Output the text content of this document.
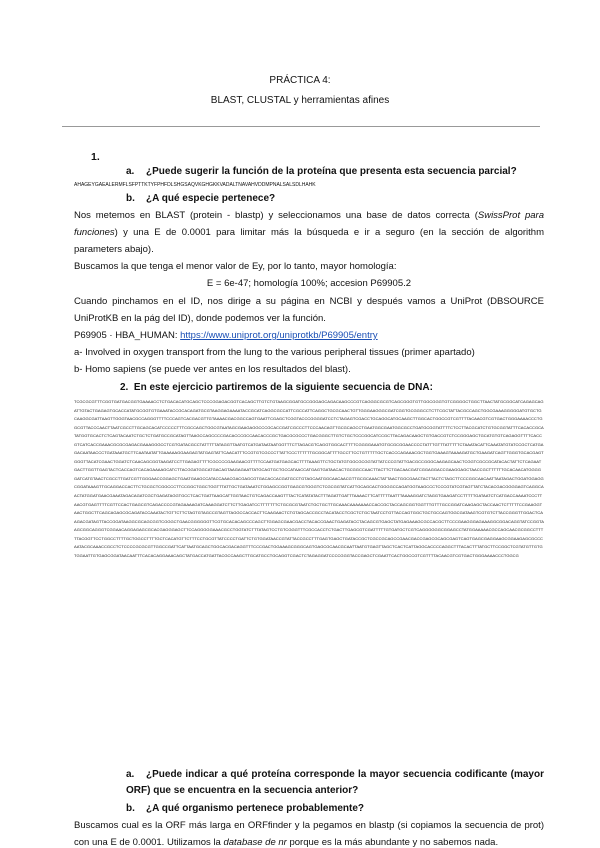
PRÁCTICA 4:
BLAST, CLUSTAL y herramientas afines
1.
a. ¿Puede sugerir la función de la proteína que presenta esta secuencia parcial?
AHAGEYGAEALERMFLSFPTTKTYFPHFDLSHGSAQVKGHGKKVADALTNAVAHVDDMPNALSALSDLHAHK
b. ¿A qué especie pertenece?
Nos metemos en BLAST (protein - blastp) y seleccionamos una base de datos correcta (SwissProt para funciones) y una E de 0.0001 para limitar más la búsqueda e ir a seguro (en la sección de algorithm parameters abajo).
Buscamos la que tenga el menor valor de Ey, por lo tanto, mayor homología:
E = 6e-47; homología 100%; accesion P69905.2
Cuando pinchamos en el ID, nos dirige a su página en NCBI y después vamos a UniProt (DBSOURCE UniProtKB en la pág del ID), donde podemos ver la función.
P69905 · HBA_HUMAN: https://www.uniprot.org/uniprotkb/P69905/entry
a- Involved in oxygen transport from the lung to the various peripheral tissues (primer apartado)
b- Homo sapiens (se puede ver antes en los resultados del blast).
2. En este ejercicio partiremos de la siguiente secuencia de DNA:
TCGCGCGTTTCGGTGATGACGGTGAAAACCTCTGACACATGCAGCTCCCGGAGACGGTCACAGCTTGTCTGTAAGCGGATGCCGGGAGCAGACAAGCCCGTCAGGGCGCGTCAGCGGGTGTTGGCGGGTGTCGGGGCTGGCTTAACTATGCGGCATCAGAGCAGATTGTACTGAGAGTGCACCATATGCGGTGTGAAATACCGCACAGATGCGTAAGGAGAAAATACCGCATCAGGCGCCATTCGCCATTCAGGCTGCGCAACTGTTGGGAAGGGCGATCGGTGCGGGCCTCTTCGCTATTACGCCAGCTGGCGAAAGGGGGATGTGCTGCAAGGCGATTAAGTTGGGTAACGCCAGGGTTTTCCCAGTCACGACGTTGTAAAACGACGGCCAGTGAATTCGAGCTCGGTACCCGGGGATCCTCTAGAGTCGACCTGCAGGCATGCAAGCTTGGCACTGGCCGTCGTTTTACAACGTCGTGACTGGGAAAACCCTGGCGTTACCCAACTTAATCGCCTTGCAGCACATCCCCCTTTCGCCAGCTGGCGTAATAGCGAAGAGGCCCGCACCGATCGCCCTTCCCAACAGTTGCGCAGCCTGAATGGCGAATGGCGCCTGATGCGGTATTTTCTCCTTACGCATCTGTGCGGTATTTCACACCGCATATGGTGCACTCTCAGTACAATCTGCTCTGATGCCGCATAGTTAAGCCAGCCCCGACACCCGCCAACACCCGCTGACGCGCCCTGACGGGCTTGTCTGCTCCCGGCATCCGCTTACAGACAAGCTGTGACCGTCTCCGGGAGCTGCATGTGTCAGAGGTTTTCACCGTCATCACCGAAACGCGCGAGACGAAAGGGCCTCGTGATACGCCTATTTTTATAGGTTAATGTCATGATAATAATGGTTTCTTAGACGTCAGGTGGCACTTTTCGGGGAAATGTGCGCGGAACCCCTATTTGTTTATTTTTCTAAATACATTCAAATATGTATCCGCTCATGAGACAATAACCCTGATAAATGCTTCAATAATATTGAAAAAGGAAGAGTATGAGTATTCAACATTTCCGTGTCGCCCTTATTCCCTTTTTTGCGGCATTTTGCCTTCCTGTTTTTGCTCACCCAGAAACGCTGGTGAAAGTAAAAGATGCTGAAGATCAGTTGGGTGCACGAGTGGGTTACATCGAACTGGATCTCAACAGCGGTAAGATCCTTGAGAGTTTTCGCCCCGAAGAACGTTTTCCAATGATGAGCACTTTTAAAGTTCTGCTATGTGGCGCGGTATTATCCCGTATTGACGCCGGGCAAGAGCAACTCGGTCGCCGCATACACTATTCTCAGAATGACTTGGTTGAGTACTCACCAGTCACAGAAAAGCATCTTACGGATGGCATGACAGTAAGAGAATTATGCAGTGCTGCCATAACCATGAGTGATAACACTGCGGCCAACTTACTTCTGACAACGATCGGAGGACCGAAGGAGCTAACCGCTTTTTTGCACAACATGGGGGATCATGTAACTCGCCTTGATCGTTGGGAACCGGAGCTGAATGAAGCCATACCAAACGACGAGCGTGACACCACGATGCCTGTAGCAATGGCAACAACGTTGCGCAAACTATTAACTGGCGAACTACTTACTCTAGCTTCCCGGCAACAATTAATAGACTGGATGGAGGCGGATAAAGTTGCAGGACCACTTCTGCGCTCGGCCCTTCCGGCTGGCTGGTTTATTGCTGATAAATCTGGAGCCGGTGAGCGTGGGTCTCGCGGTATCATTGCAGCACTGGGGCCAGATGGTAAGCCCTCCCGTATCGTAGTTATCTACACGACGGGGAGTCAGGCAACTATGGATGAACGAAATAGACAGATCGCTGAGATAGGTGCCTCACTGATTAAGCATTGGTAACTGTCAGACCAAGTTTACTCATATATACTTTAGATTGATTTAAAACTTCATTTTTAATTTAAAAGGATCTAGGTGAAGATCCTTTTTGATAATCTCATGACCAAAATCCCTTAACGTGAGTTTTCGTTCCACTGAGCGTCAGACCCCGTAGAAAAGATCAAAGGATCTTCTTGAGATCCTTTTTTTCTGCGCGTAATCTGCTGCTTGCAAACAAAAAAACCACCGCTACCAGCGGTGGTTTGTTTGCCGGATCAAGAGCTACCAACTCTTTTTCCGAAGGTAACTGGCTTCAGCAGAGCGCAGATACCAAATACTGTTCTTCTAGTGTAGCCGTAGTTAGGCCACCACTTCAAGAACTCTGTAGCACCGCCTACATACCTCGCTCTGCTAATCCTGTTACCAGTGGCTGCTGCCAGTGGCGATAAGTCGTGTCTTACCGGGTTGGACTCAAGACGATAGTTACCGGATAAGGCGCAGCGGTCGGGCTGAACGGGGGGTTCGTGCACACAGCCCAGCTTGGAGCGAACGACCTACACCGAACTGAGATACCTACAGCGTGAGCTATGAGAAAGCGCCACGCTTCCCGAAGGGAGAAAGGCGGACAGGTATCCGGTAAGCGGCAGGGTCGGAACAGGAGAGCGCACGAGGGAGCTTCCAGGGGGAAACGCCTGGTATCTTTATAGTCCTGTCGGGTTTCGCCACCTCTGACTTGAGCGTCGATTTTTGTGATGCTCGTCAGGGGGGCGGAGCCTATGGAAAAACGCCAGCAACGCGGCCTTTTTACGGTTCCTGGCCTTTTGCTGGCCTTTTGCTCACATGTTCTTTCCTGCGTTATCCCCTGATTCTGTGGATAACCGTATTACCGCCTTTGAGTGAGCTGATACCGCTCGCCGCAGCCGAACGACCGAGCGCAGCGAGTCAGTGAGCGAGGAAGCGGAAGAGCGCCCAATACGCAAACCGCCTCTCCCCGCGCGTTGGCCGATTCATTAATGCAGCTGGCACGACAGGTTTCCCGACTGGAAAGCGGGCAGTGAGCGCAACGCAATTAATGTGAGTTAGCTCACTCATTAGGCACCCCAGGCTTTACACTTTATGCTTCCGGCTCGTATGTTGTGTGGAATTGTGAGCGGATAACAATTTCACACAGGAAACAGCTATGACCATGATTACGCCAAGCTTGCATGCCTGCAGGTCGACTCTAGAGGATCCCCGGGTACCGAGCTCGAATTCACTGGCCGTCGTTTTACAACGTCGTGACTGGGAAAACCCTGGCG
a. ¿Puede indicar a qué proteína corresponde la mayor secuencia codificante (mayor ORF) que se encuentra en la secuencia anterior?
b. ¿A qué organismo pertenece probablemente?
Buscamos cual es la ORF más larga en ORFfinder y la pegamos en blastp (si copiamos la secuencia de prot) con una E de 0.0001. Utilizamos la database de nr porque es la más abundante y no sabemos nada.
